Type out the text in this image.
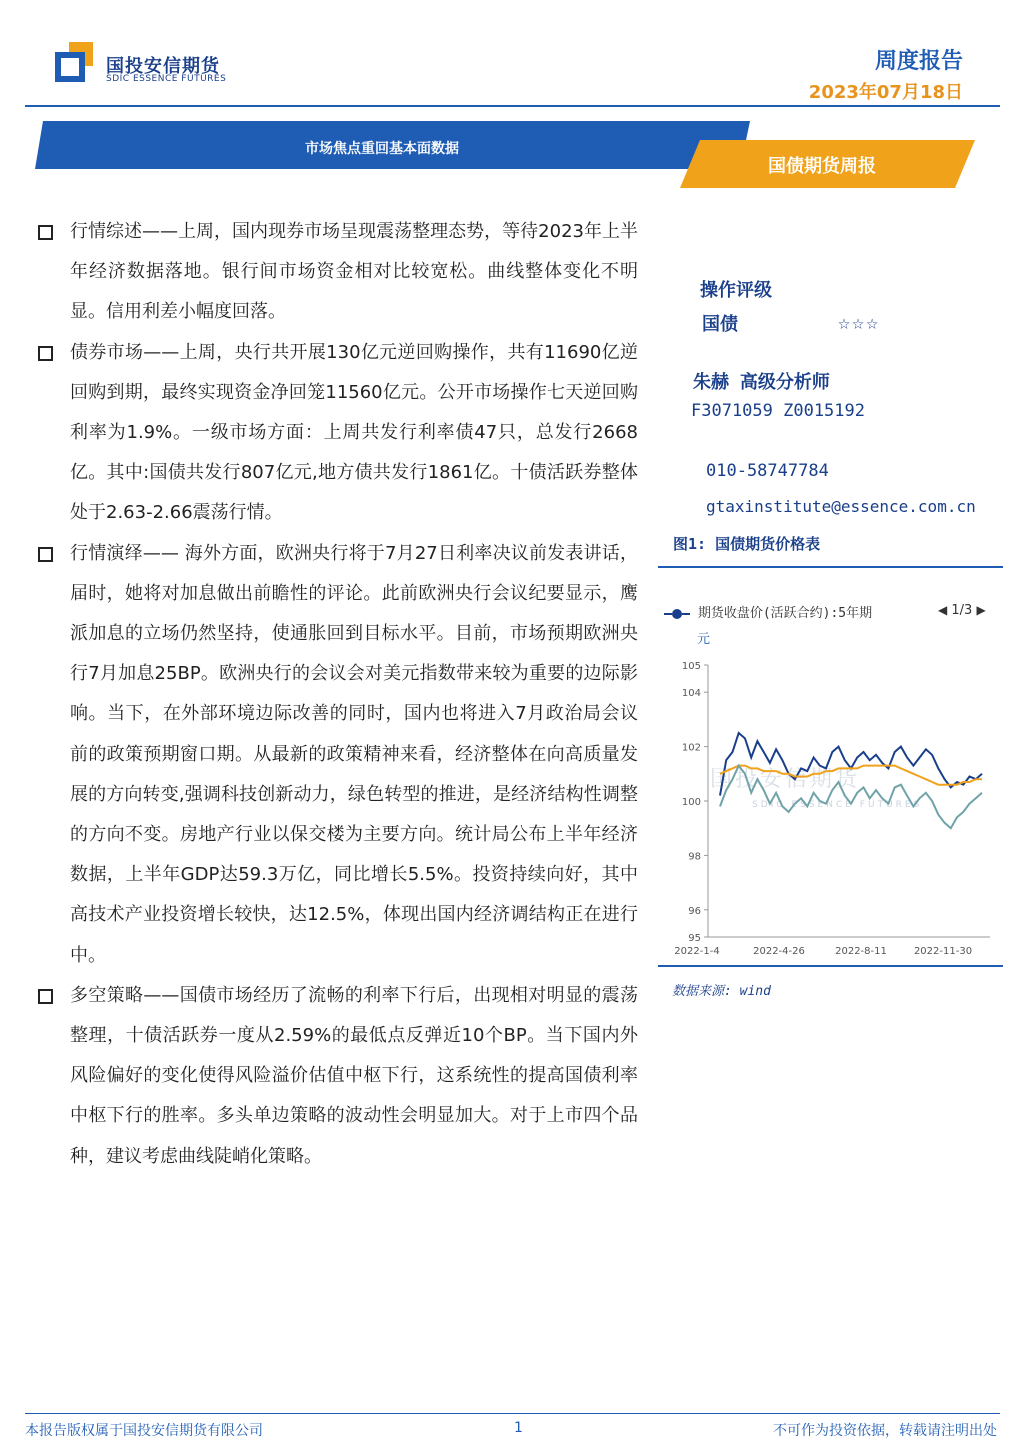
国投安信期货
SDIC ESSENCE FUTURES
周度报告
2023年07月18日
市场焦点重回基本面数据
国债期货周报

行情综述——上周，国内现券市场呈现震荡整理态势，等待2023年上半年经济数据落地。银行间市场资金相对比较宽松。曲线整体变化不明显。信用利差小幅度回落。

债券市场——上周，央行共开展130亿元逆回购操作，共有11690亿逆回购到期，最终实现资金净回笼11560亿元。公开市场操作七天逆回购利率为1.9%。一级市场方面：上周共发行利率债47只，总发行2668亿。其中:国债共发行807亿元,地方债共发行1861亿。十债活跃券整体处于2.63-2.66震荡行情。

行情演绎—— 海外方面，欧洲央行将于7月27日利率决议前发表讲话，届时，她将对加息做出前瞻性的评论。此前欧洲央行会议纪要显示，鹰派加息的立场仍然坚持，使通胀回到目标水平。目前，市场预期欧洲央行7月加息25BP。欧洲央行的会议会对美元指数带来较为重要的边际影响。当下，在外部环境边际改善的同时，国内也将进入7月政治局会议前的政策预期窗口期。从最新的政策精神来看，经济整体在向高质量发展的方向转变,强调科技创新动力，绿色转型的推进，是经济结构性调整的方向不变。房地产行业以保交楼为主要方向。统计局公布上半年经济数据，上半年GDP达59.3万亿，同比增长5.5%。投资持续向好，其中高技术产业投资增长较快，达12.5%，体现出国内经济调结构正在进行中。

多空策略——国债市场经历了流畅的利率下行后，出现相对明显的震荡整理，十债活跃券一度从2.59%的最低点反弹近10个BP。当下国内外风险偏好的变化使得风险溢价估值中枢下行，这系统性的提高国债利率中枢下行的胜率。多头单边策略的波动性会明显加大。对于上市四个品种，建议考虑曲线陡峭化策略。

操作评级
国债	☆☆☆
朱赫 高级分析师
F3071059 Z0015192
010-58747784
gtaxinstitute@essence.com.cn
图1: 国债期货价格表
期货收盘价(活跃合约):5年期	◀ 1/3 ▶
元
国投安信期货
SDIC ESSENCE FUTURES
95
96
98
100
102
104
105
2022-1-4	2022-4-26	2022-8-11	2022-11-30
数据来源: wind
本报告版权属于国投安信期货有限公司	1	不可作为投资依据，转载请注明出处
